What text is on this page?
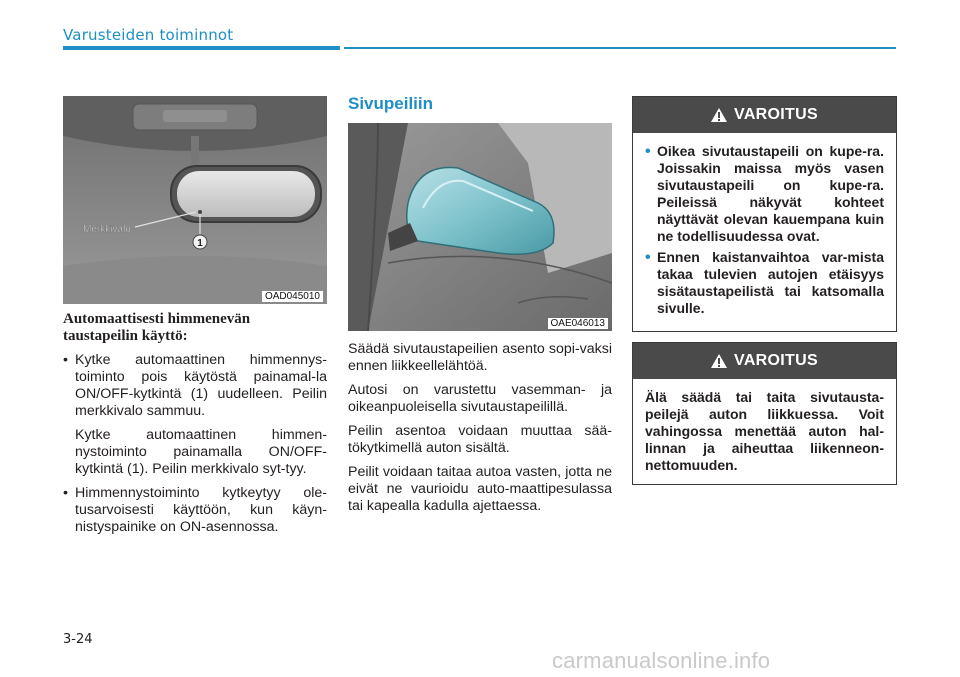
Varusteiden toiminnot
Merkkivalo
1
OAD045010
Automaattisesti himmenevän taustapeilin käyttö:
• Kytke automaattinen himmennys-toiminto pois käytöstä painamal-la ON/OFF-kytkintä (1) uudelleen. Peilin merkkivalo sammuu.
Kytke automaattinen himmen-nystoiminto painamalla ON/OFF-kytkintä (1). Peilin merkkivalo syt-tyy.
• Himmennystoiminto kytkeytyy ole-tusarvoisesti käyttöön, kun käyn-nistyspainike on ON-asennossa.
Sivupeiliin
OAE046013
Säädä sivutaustapeilien asento sopi-vaksi ennen liikkeellelähtöä.
Autosi on varustettu vasemman- ja oikeanpuoleisella sivutaustapeilillä.
Peilin asentoa voidaan muuttaa sää-tökytkimellä auton sisältä.
Peilit voidaan taitaa autoa vasten, jotta ne eivät ne vaurioidu auto-maattipesulassa tai kapealla kadulla ajettaessa.
VAROITUS
• Oikea sivutaustapeili on kupe-ra. Joissakin maissa myös vasen sivutaustapeili on kupe-ra. Peileissä näkyvät kohteet näyttävät olevan kauempana kuin ne todellisuudessa ovat.
• Ennen kaistanvaihtoa var-mista takaa tulevien autojen etäisyys sisätaustapeilistä tai katsomalla sivulle.
VAROITUS
Älä säädä tai taita sivutausta-peilejä auton liikkuessa. Voit vahingossa menettää auton hal-linnan ja aiheuttaa liikenneon-nettomuuden.
3-24
carmanualsonline.info
